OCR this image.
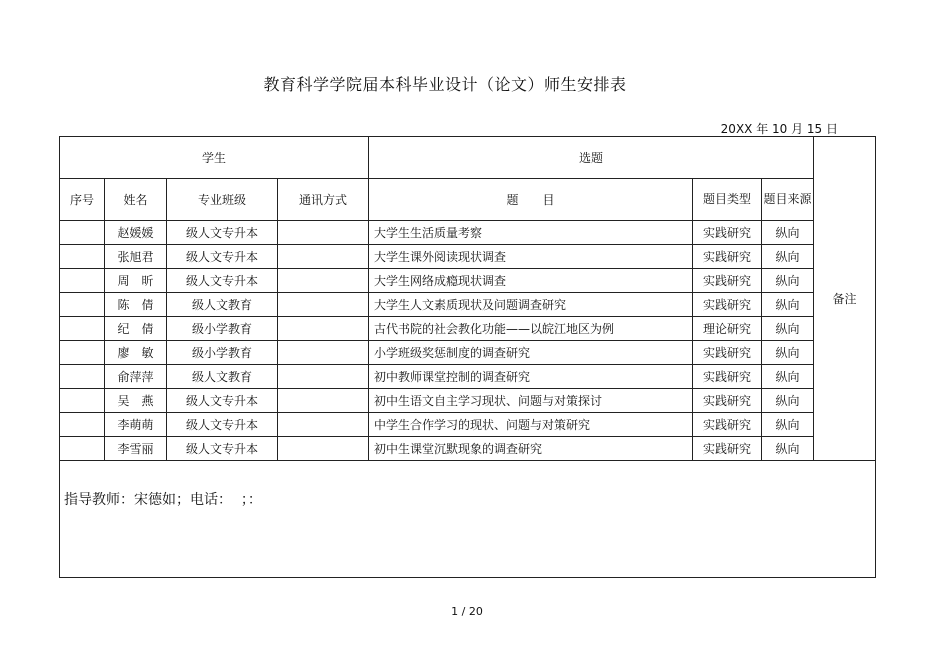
教育科学学院届本科毕业设计（论文）师生安排表
20XX 年 10 月 15 日
学生				选题			备注
序号	姓名	专业班级	通讯方式	题　　目	题目类型	题目来源	
	赵媛媛	级人文专升本		大学生生活质量考察	实践研究	纵向	
	张旭君	级人文专升本		大学生课外阅读现状调查	实践研究	纵向	
	周　昕	级人文专升本		大学生网络成瘾现状调查	实践研究	纵向	
	陈　倩	级人文教育		大学生人文素质现状及问题调查研究	实践研究	纵向	
	纪　倩	级小学教育		古代书院的社会教化功能——以皖江地区为例	理论研究	纵向	
	廖　敏	级小学教育		小学班级奖惩制度的调查研究	实践研究	纵向	
	俞萍萍	级人文教育		初中教师课堂控制的调查研究	实践研究	纵向	
	吴　燕	级人文专升本		初中生语文自主学习现状、问题与对策探讨	实践研究	纵向	
	李萌萌	级人文专升本		中学生合作学习的现状、问题与对策研究	实践研究	纵向	
	李雪丽	级人文专升本		初中生课堂沉默现象的调查研究	实践研究	纵向	

指导教师：宋德如；电话：  ；：							
1 / 20
